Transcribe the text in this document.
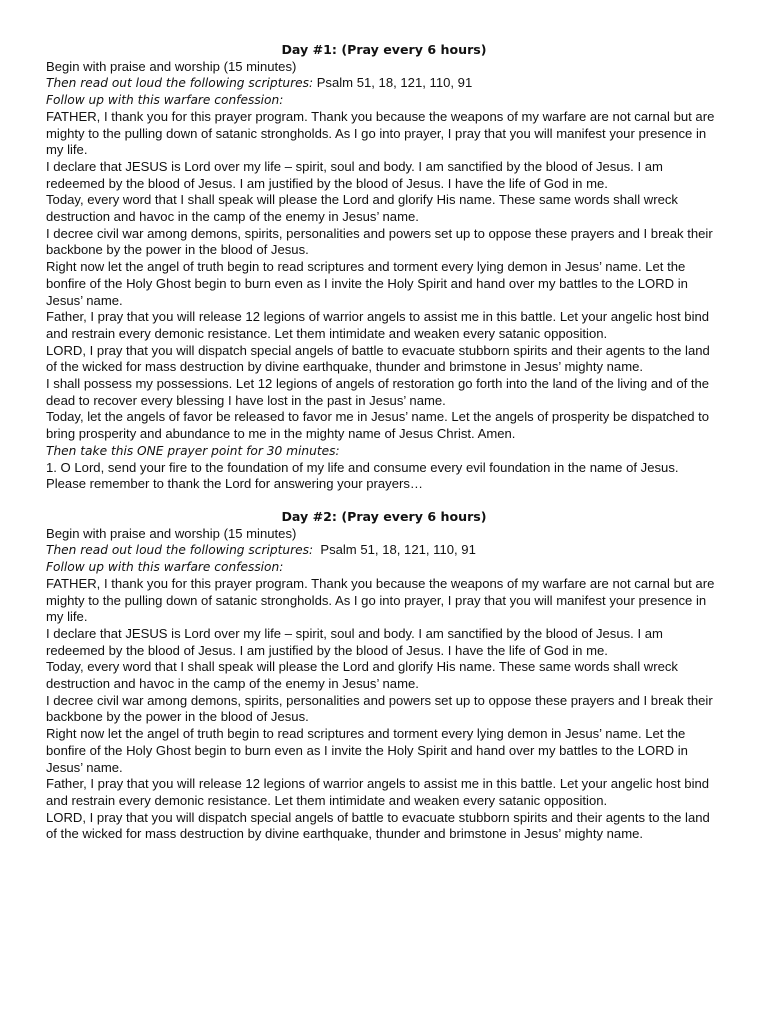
Day #1: (Pray every 6 hours)

Begin with praise and worship (15 minutes)

Then read out loud the following scriptures: Psalm 51, 18, 121, 110, 91

Follow up with this warfare confession:

FATHER, I thank you for this prayer program. Thank you because the weapons of my warfare are not carnal but are mighty to the pulling down of satanic strongholds. As I go into prayer, I pray that you will manifest your presence in my life.

I declare that JESUS is Lord over my life – spirit, soul and body. I am sanctified by the blood of Jesus. I am redeemed by the blood of Jesus. I am justified by the blood of Jesus. I have the life of God in me.

Today, every word that I shall speak will please the Lord and glorify His name. These same words shall wreck destruction and havoc in the camp of the enemy in Jesus’ name.

I decree civil war among demons, spirits, personalities and powers set up to oppose these prayers and I break their backbone by the power in the blood of Jesus.

Right now let the angel of truth begin to read scriptures and torment every lying demon in Jesus’ name. Let the bonfire of the Holy Ghost begin to burn even as I invite the Holy Spirit and hand over my battles to the LORD in Jesus’ name.

Father, I pray that you will release 12 legions of warrior angels to assist me in this battle. Let your angelic host bind and restrain every demonic resistance. Let them intimidate and weaken every satanic opposition.

LORD, I pray that you will dispatch special angels of battle to evacuate stubborn spirits and their agents to the land of the wicked for mass destruction by divine earthquake, thunder and brimstone in Jesus’ mighty name.

I shall possess my possessions. Let 12 legions of angels of restoration go forth into the land of the living and of the dead to recover every blessing I have lost in the past in Jesus’ name.

Today, let the angels of favor be released to favor me in Jesus’ name. Let the angels of prosperity be dispatched to bring prosperity and abundance to me in the mighty name of Jesus Christ. Amen.

Then take this ONE prayer point for 30 minutes:

1. O Lord, send your fire to the foundation of my life and consume every evil foundation in the name of Jesus.

Please remember to thank the Lord for answering your prayers…

Day #2: (Pray every 6 hours)

Begin with praise and worship (15 minutes)

Then read out loud the following scriptures:  Psalm 51, 18, 121, 110, 91

Follow up with this warfare confession:

FATHER, I thank you for this prayer program. Thank you because the weapons of my warfare are not carnal but are mighty to the pulling down of satanic strongholds. As I go into prayer, I pray that you will manifest your presence in my life.

I declare that JESUS is Lord over my life – spirit, soul and body. I am sanctified by the blood of Jesus. I am redeemed by the blood of Jesus. I am justified by the blood of Jesus. I have the life of God in me.

Today, every word that I shall speak will please the Lord and glorify His name. These same words shall wreck destruction and havoc in the camp of the enemy in Jesus’ name.

I decree civil war among demons, spirits, personalities and powers set up to oppose these prayers and I break their backbone by the power in the blood of Jesus.

Right now let the angel of truth begin to read scriptures and torment every lying demon in Jesus’ name. Let the bonfire of the Holy Ghost begin to burn even as I invite the Holy Spirit and hand over my battles to the LORD in Jesus’ name.

Father, I pray that you will release 12 legions of warrior angels to assist me in this battle. Let your angelic host bind and restrain every demonic resistance. Let them intimidate and weaken every satanic opposition.

LORD, I pray that you will dispatch special angels of battle to evacuate stubborn spirits and their agents to the land of the wicked for mass destruction by divine earthquake, thunder and brimstone in Jesus’ mighty name.
